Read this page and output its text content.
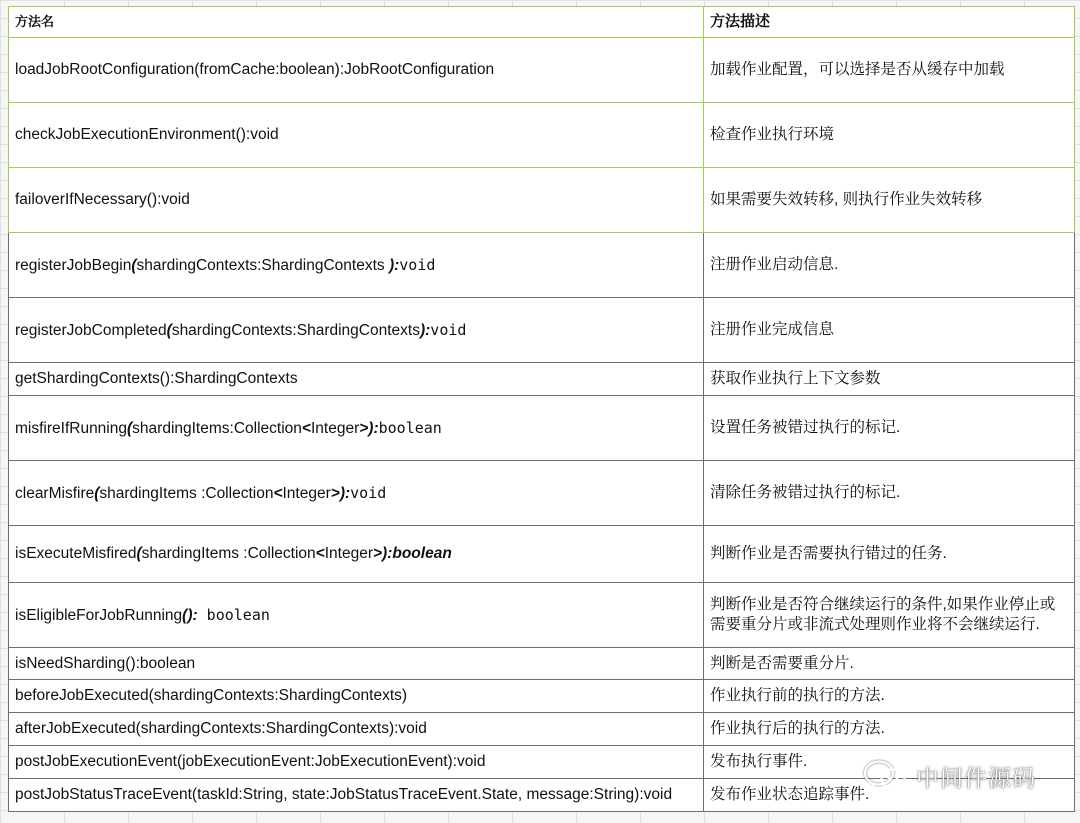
方法名	方法描述
loadJobRootConfiguration(fromCache:boolean):JobRootConfiguration	加载作业配置，可以选择是否从缓存中加载
checkJobExecutionEnvironment():void	检查作业执行环境
failoverIfNecessary():void	如果需要失效转移, 则执行作业失效转移
registerJobBegin(shardingContexts:ShardingContexts ):void	注册作业启动信息.
registerJobCompleted(shardingContexts:ShardingContexts):void	注册作业完成信息
getShardingContexts():ShardingContexts	获取作业执行上下文参数
misfireIfRunning(shardingItems:Collection<Integer>):boolean	设置任务被错过执行的标记.
clearMisfire(shardingItems :Collection<Integer>):void	清除任务被错过执行的标记.
isExecuteMisfired(shardingItems :Collection<Integer>):boolean	判断作业是否需要执行错过的任务.
isEligibleForJobRunning(): boolean	判断作业是否符合继续运行的条件,如果作业停止或需要重分片或非流式处理则作业将不会继续运行.
isNeedSharding():boolean	判断是否需要重分片.
beforeJobExecuted(shardingContexts:ShardingContexts)	作业执行前的执行的方法.
afterJobExecuted(shardingContexts:ShardingContexts):void	作业执行后的执行的方法.
postJobExecutionEvent(jobExecutionEvent:JobExecutionEvent):void	发布执行事件.
postJobStatusTraceEvent(taskId:String, state:JobStatusTraceEvent.State, message:String):void	发布作业状态追踪事件.
中间件源码
